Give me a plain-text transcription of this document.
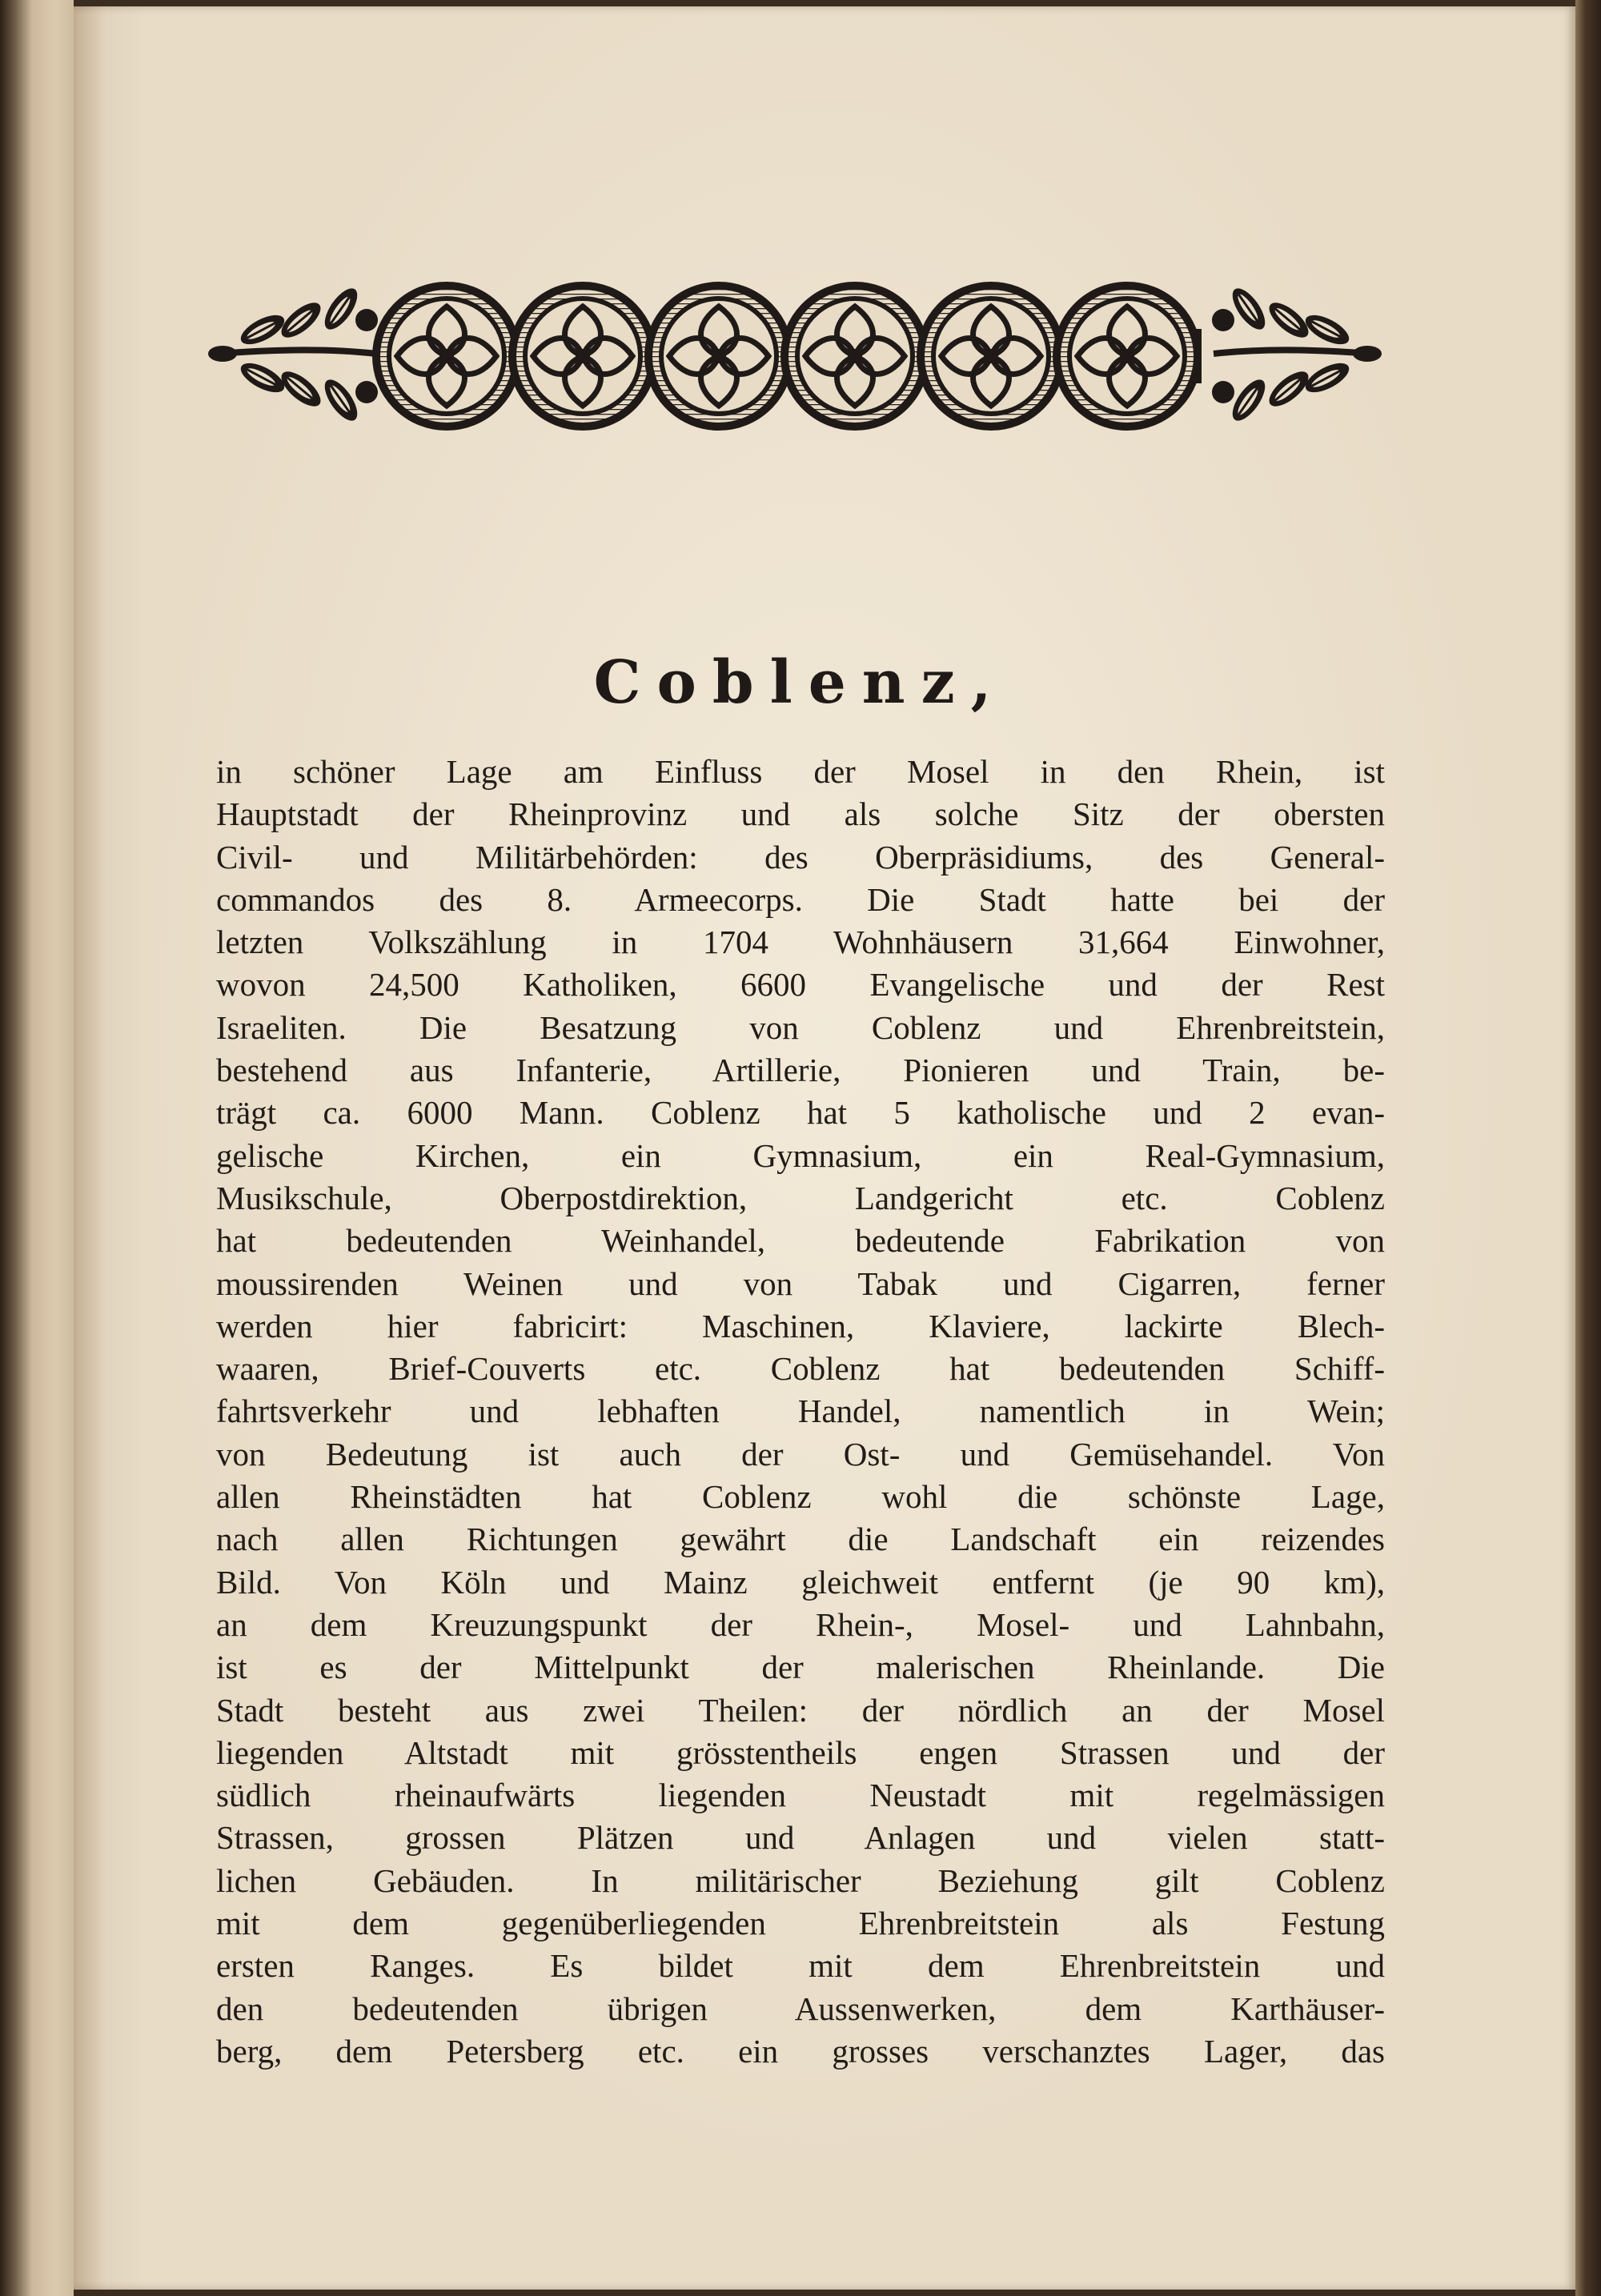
Coblenz,
in schöner Lage am Einfluss der Mosel in den Rhein, ist
Hauptstadt der Rheinprovinz und als solche Sitz der obersten
Civil- und Militärbehörden: des Oberpräsidiums, des General-
commandos des 8. Armeecorps. Die Stadt hatte bei der
letzten Volkszählung in 1704 Wohnhäusern 31,664 Einwohner,
wovon 24,500 Katholiken, 6600 Evangelische und der Rest
Israeliten. Die Besatzung von Coblenz und Ehrenbreitstein,
bestehend aus Infanterie, Artillerie, Pionieren und Train, be-
trägt ca. 6000 Mann. Coblenz hat 5 katholische und 2 evan-
gelische Kirchen, ein Gymnasium, ein Real-Gymnasium,
Musikschule, Oberpostdirektion, Landgericht etc. Coblenz
hat bedeutenden Weinhandel, bedeutende Fabrikation von
moussirenden Weinen und von Tabak und Cigarren, ferner
werden hier fabricirt: Maschinen, Klaviere, lackirte Blech-
waaren, Brief-Couverts etc. Coblenz hat bedeutenden Schiff-
fahrtsverkehr und lebhaften Handel, namentlich in Wein;
von Bedeutung ist auch der Ost- und Gemüsehandel. Von
allen Rheinstädten hat Coblenz wohl die schönste Lage,
nach allen Richtungen gewährt die Landschaft ein reizendes
Bild. Von Köln und Mainz gleichweit entfernt (je 90 km),
an dem Kreuzungspunkt der Rhein-, Mosel- und Lahnbahn,
ist es der Mittelpunkt der malerischen Rheinlande. Die
Stadt besteht aus zwei Theilen: der nördlich an der Mosel
liegenden Altstadt mit grösstentheils engen Strassen und der
südlich rheinaufwärts liegenden Neustadt mit regelmässigen
Strassen, grossen Plätzen und Anlagen und vielen statt-
lichen Gebäuden. In militärischer Beziehung gilt Coblenz
mit dem gegenüberliegenden Ehrenbreitstein als Festung
ersten Ranges. Es bildet mit dem Ehrenbreitstein und
den bedeutenden übrigen Aussenwerken, dem Karthäuser-
berg, dem Petersberg etc. ein grosses verschanztes Lager, das
